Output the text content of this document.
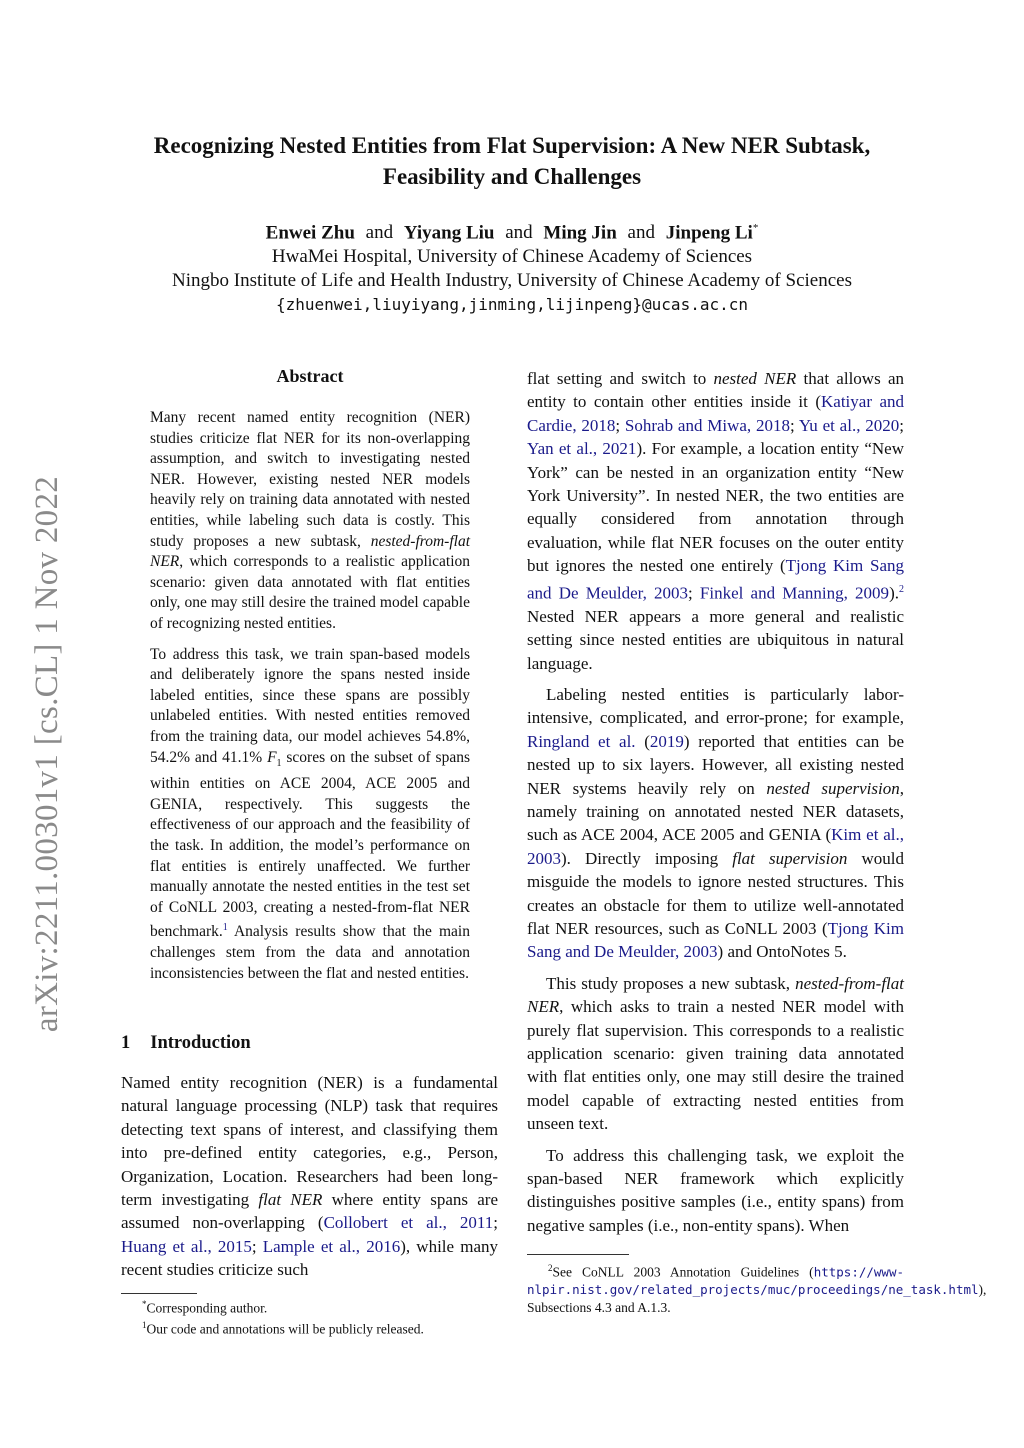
arXiv:2211.00301v1 [cs.CL] 1 Nov 2022
Recognizing Nested Entities from Flat Supervision: A New NER Subtask,
Feasibility and Challenges
Enwei Zhu and Yiyang Liu and Ming Jin and Jinpeng Li*
HwaMei Hospital, University of Chinese Academy of Sciences
Ningbo Institute of Life and Health Industry, University of Chinese Academy of Sciences
{zhuenwei,liuyiyang,jinming,lijinpeng}@ucas.ac.cn
Abstract

Many recent named entity recognition (NER) studies criticize flat NER for its non-overlapping assumption, and switch to investigating nested NER. However, existing nested NER models heavily rely on training data annotated with nested entities, while labeling such data is costly. This study proposes a new subtask, nested-from-flat NER, which corresponds to a realistic application scenario: given data annotated with flat entities only, one may still desire the trained model capable of recognizing nested entities.

To address this task, we train span-based models and deliberately ignore the spans nested inside labeled entities, since these spans are possibly unlabeled entities. With nested entities removed from the training data, our model achieves 54.8%, 54.2% and 41.1% $F_1$ scores on the subset of spans within entities on ACE 2004, ACE 2005 and GENIA, respectively. This suggests the effectiveness of our approach and the feasibility of the task. In addition, the model’s performance on flat entities is entirely unaffected. We further manually annotate the nested entities in the test set of CoNLL 2003, creating a nested-from-flat NER benchmark.$^1$ Analysis results show that the main challenges stem from the data and annotation inconsistencies between the flat and nested entities.

1 Introduction

Named entity recognition (NER) is a fundamental natural language processing (NLP) task that requires detecting text spans of interest, and classifying them into pre-defined entity categories, e.g., Person, Organization, Location. Researchers had been long-term investigating flat NER where entity spans are assumed non-overlapping (Collobert et al., 2011; Huang et al., 2015; Lample et al., 2016), while many recent studies criticize such

flat setting and switch to nested NER that allows an entity to contain other entities inside it (Katiyar and Cardie, 2018; Sohrab and Miwa, 2018; Yu et al., 2020; Yan et al., 2021). For example, a location entity “New York” can be nested in an organization entity “New York University”. In nested NER, the two entities are equally considered from annotation through evaluation, while flat NER focuses on the outer entity but ignores the nested one entirely (Tjong Kim Sang and De Meulder, 2003; Finkel and Manning, 2009).$^2$ Nested NER appears a more general and realistic setting since nested entities are ubiquitous in natural language.

Labeling nested entities is particularly labor-intensive, complicated, and error-prone; for example, Ringland et al. (2019) reported that entities can be nested up to six layers. However, all existing nested NER systems heavily rely on nested supervision, namely training on annotated nested NER datasets, such as ACE 2004, ACE 2005 and GENIA (Kim et al., 2003). Directly imposing flat supervision would misguide the models to ignore nested structures. This creates an obstacle for them to utilize well-annotated flat NER resources, such as CoNLL 2003 (Tjong Kim Sang and De Meulder, 2003) and OntoNotes 5.

This study proposes a new subtask, nested-from-flat NER, which asks to train a nested NER model with purely flat supervision. This corresponds to a realistic application scenario: given training data annotated with flat entities only, one may still desire the trained model capable of extracting nested entities from unseen text.

To address this challenging task, we exploit the span-based NER framework which explicitly distinguishes positive samples (i.e., entity spans) from negative samples (i.e., non-entity spans). When

*Corresponding author.
$^1$Our code and annotations will be publicly released.
$^2$See CoNLL 2003 Annotation Guidelines (https://www-nlpir.nist.gov/related_projects/muc/proceedings/ne_task.html), Subsections 4.3 and A.1.3.
